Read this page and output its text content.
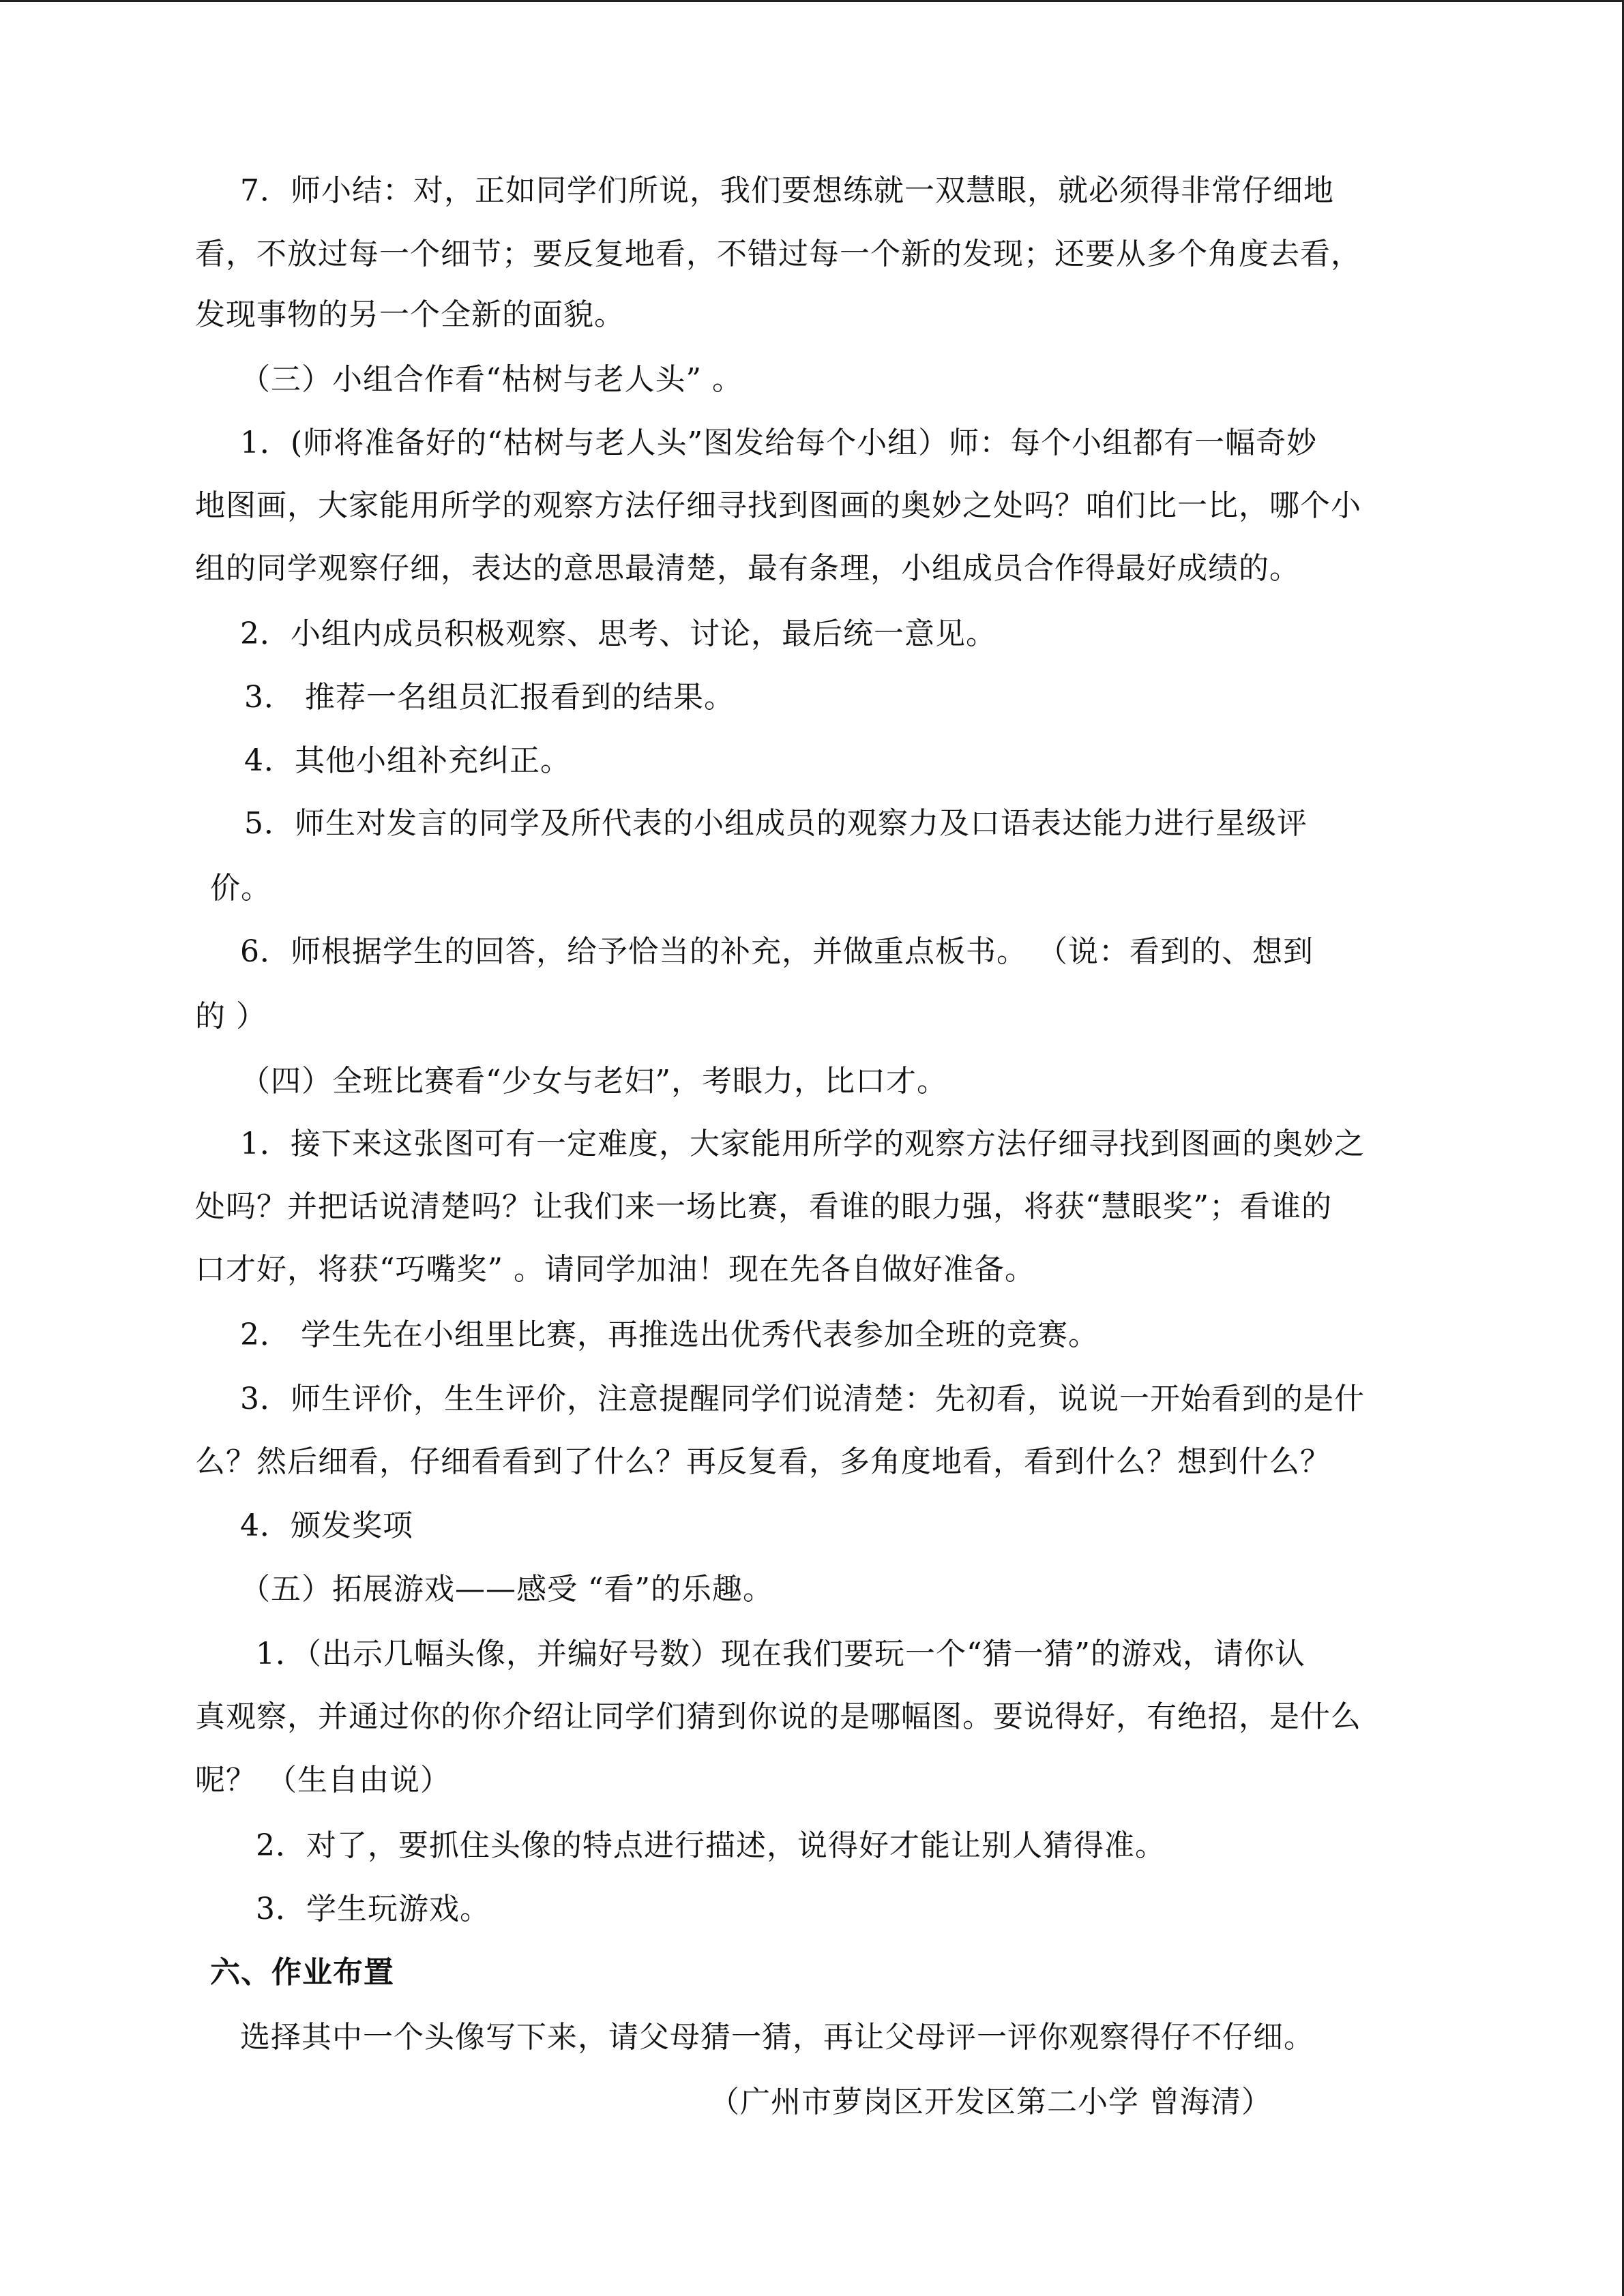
7．师小结：对，正如同学们所说，我们要想练就一双慧眼，就必须得非常仔细地
看，不放过每一个细节；要反复地看，不错过每一个新的发现；还要从多个角度去看，
发现事物的另一个全新的面貌。
（三）小组合作看“枯树与老人头” 。
1．(师将准备好的“枯树与老人头”图发给每个小组）师：每个小组都有一幅奇妙
地图画，大家能用所学的观察方法仔细寻找到图画的奥妙之处吗？咱们比一比，哪个小
组的同学观察仔细，表达的意思最清楚，最有条理，小组成员合作得最好成绩的。
2．小组内成员积极观察、思考、讨论，最后统一意见。
3． 推荐一名组员汇报看到的结果。
4．其他小组补充纠正。
5．师生对发言的同学及所代表的小组成员的观察力及口语表达能力进行星级评
价。
6．师根据学生的回答，给予恰当的补充，并做重点板书。 （说：看到的、想到
的 ）
（四）全班比赛看“少女与老妇”，考眼力，比口才。
1．接下来这张图可有一定难度，大家能用所学的观察方法仔细寻找到图画的奥妙之
处吗？并把话说清楚吗？让我们来一场比赛，看谁的眼力强，将获“慧眼奖”；看谁的
口才好，将获“巧嘴奖” 。请同学加油！现在先各自做好准备。
2． 学生先在小组里比赛，再推选出优秀代表参加全班的竞赛。
3．师生评价，生生评价，注意提醒同学们说清楚：先初看，说说一开始看到的是什
么？然后细看，仔细看看到了什么？再反复看，多角度地看，看到什么？想到什么？
4．颁发奖项
（五）拓展游戏——感受 “看”的乐趣。
1．（出示几幅头像，并编好号数）现在我们要玩一个“猜一猜”的游戏，请你认
真观察，并通过你的你介绍让同学们猜到你说的是哪幅图。要说得好，有绝招，是什么
呢？ （生自由说）
2．对了，要抓住头像的特点进行描述，说得好才能让别人猜得准。
3．学生玩游戏。
六、作业布置
选择其中一个头像写下来，请父母猜一猜，再让父母评一评你观察得仔不仔细。
（广州市萝岗区开发区第二小学 曾海清）
